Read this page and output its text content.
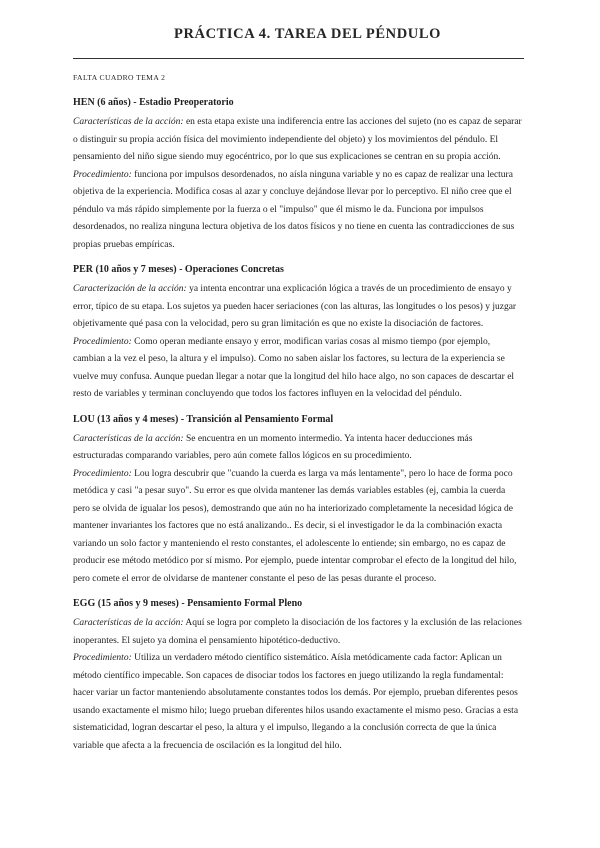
PRÁCTICA 4. TAREA DEL PÉNDULO

FALTA CUADRO TEMA 2

HEN (6 años) - Estadio Preoperatorio

Características de la acción: en esta etapa existe una indiferencia entre las acciones del sujeto (no es capaz de separar o distinguir su propia acción física del movimiento independiente del objeto) y los movimientos del péndulo. El pensamiento del niño sigue siendo muy egocéntrico, por lo que sus explicaciones se centran en su propia acción.

Procedimiento: funciona por impulsos desordenados, no aísla ninguna variable y no es capaz de realizar una lectura objetiva de la experiencia. Modifica cosas al azar y concluye dejándose llevar por lo perceptivo. El niño cree que el péndulo va más rápido simplemente por la fuerza o el "impulso" que él mismo le da. Funciona por impulsos desordenados, no realiza ninguna lectura objetiva de los datos físicos y no tiene en cuenta las contradicciones de sus propias pruebas empíricas.

PER (10 años y 7 meses) - Operaciones Concretas

Caracterización de la acción: ya intenta encontrar una explicación lógica a través de un procedimiento de ensayo y error, típico de su etapa. Los sujetos ya pueden hacer seriaciones (con las alturas, las longitudes o los pesos) y juzgar objetivamente qué pasa con la velocidad, pero su gran limitación es que no existe la disociación de factores.

Procedimiento: Como operan mediante ensayo y error, modifican varias cosas al mismo tiempo (por ejemplo, cambian a la vez el peso, la altura y el impulso). Como no saben aislar los factores, su lectura de la experiencia se vuelve muy confusa. Aunque puedan llegar a notar que la longitud del hilo hace algo, no son capaces de descartar el resto de variables y terminan concluyendo que todos los factores influyen en la velocidad del péndulo.

LOU (13 años y 4 meses) - Transición al Pensamiento Formal

Características de la acción: Se encuentra en un momento intermedio. Ya intenta hacer deducciones más estructuradas comparando variables, pero aún comete fallos lógicos en su procedimiento.

Procedimiento: Lou logra descubrir que "cuando la cuerda es larga va más lentamente", pero lo hace de forma poco metódica y casi "a pesar suyo". Su error es que olvida mantener las demás variables estables (ej, cambia la cuerda pero se olvida de igualar los pesos), demostrando que aún no ha interiorizado completamente la necesidad lógica de mantener invariantes los factores que no está analizando.. Es decir, si el investigador le da la combinación exacta variando un solo factor y manteniendo el resto constantes, el adolescente lo entiende; sin embargo, no es capaz de producir ese método metódico por sí mismo. Por ejemplo, puede intentar comprobar el efecto de la longitud del hilo, pero comete el error de olvidarse de mantener constante el peso de las pesas durante el proceso.

EGG (15 años y 9 meses) - Pensamiento Formal Pleno

Características de la acción: Aquí se logra por completo la disociación de los factores y la exclusión de las relaciones inoperantes. El sujeto ya domina el pensamiento hipotético-deductivo.

Procedimiento: Utiliza un verdadero método científico sistemático. Aísla metódicamente cada factor: Aplican un método científico impecable. Son capaces de disociar todos los factores en juego utilizando la regla fundamental: hacer variar un factor manteniendo absolutamente constantes todos los demás. Por ejemplo, prueban diferentes pesos usando exactamente el mismo hilo; luego prueban diferentes hilos usando exactamente el mismo peso. Gracias a esta sistematicidad, logran descartar el peso, la altura y el impulso, llegando a la conclusión correcta de que la única variable que afecta a la frecuencia de oscilación es la longitud del hilo.
